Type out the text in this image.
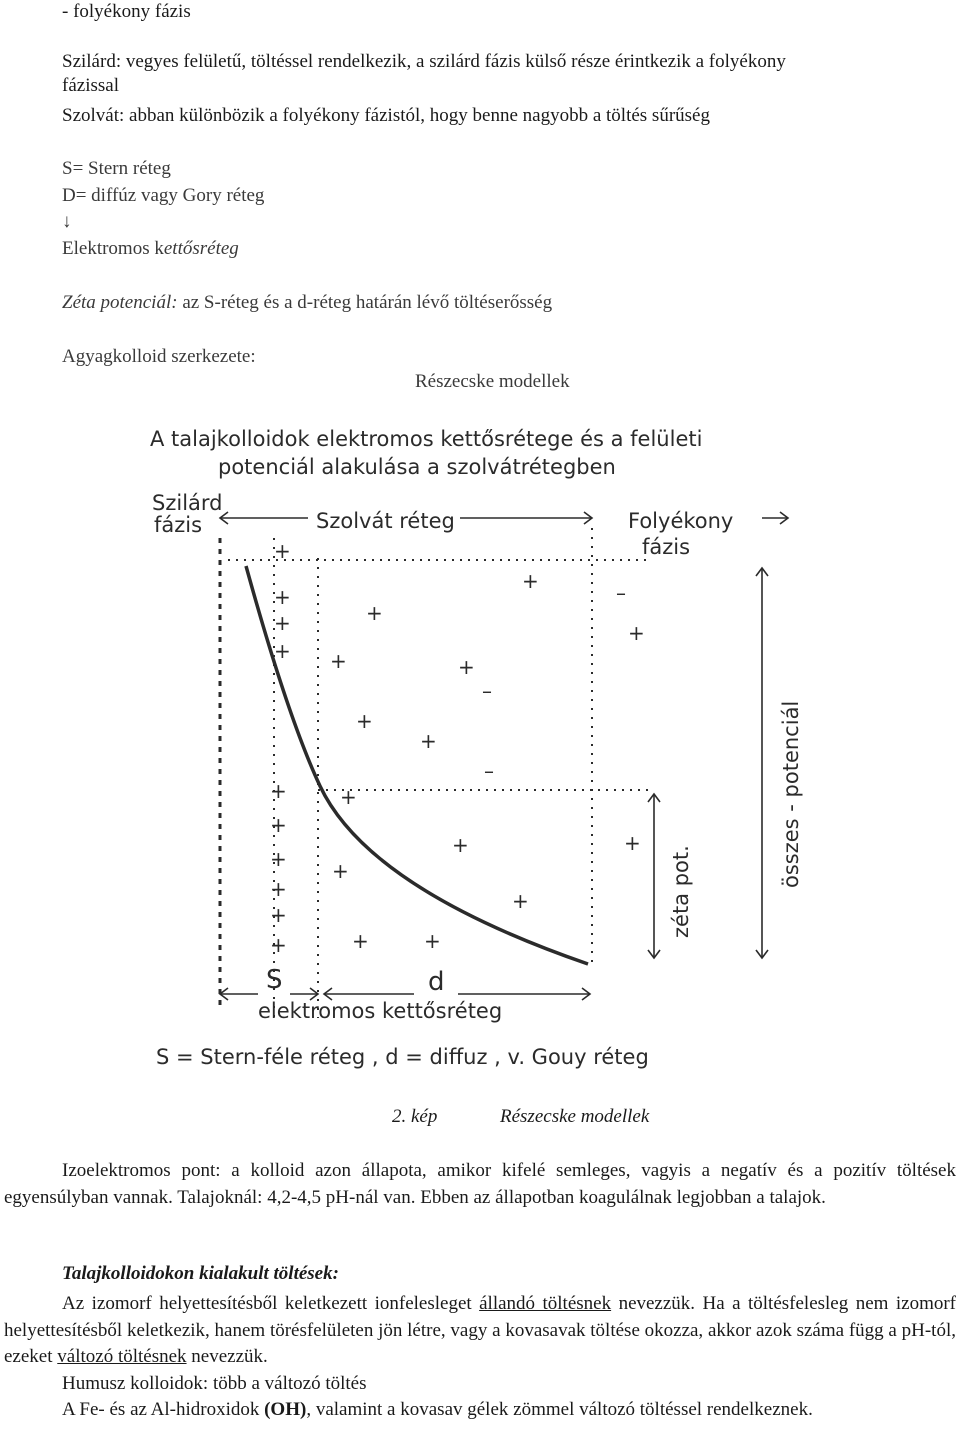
- folyékony fázis
Szilárd: vegyes felületű, töltéssel rendelkezik, a szilárd fázis külső része érintkezik a folyékony
fázissal
Szolvát: abban különbözik a folyékony fázistól, hogy benne nagyobb a töltés sűrűség
S= Stern réteg
D= diffúz vagy Gory réteg
↓
Elektromos kettősréteg
Zéta potenciál: az S-réteg és a d-réteg határán lévő töltéserősség
Agyagkolloid szerkezete:
Részecske modellek
A talajkolloidok elektromos kettősrétege és a felületi
potenciál alakulása a szolvátrétegben
Szilárd
fázis	Szolvát réteg	Folyékony
fázis
összes - potenciál
zéta pot.
+
+
+
+
+
+	+
–
+
+
+
–
–
+
+
+
+
+
+
+
+
+
+
+
+	+
+
S	d
elektromos kettősréteg
S = Stern-féle réteg , d = diffuz , v. Gouy réteg
2. kép	Részecske modellek
Izoelektromos pont: a kolloid azon állapota, amikor kifelé semleges, vagyis a negatív és a pozitív töltések egyensúlyban vannak. Talajoknál: 4,2-4,5 pH-nál van. Ebben az állapotban koagulálnak legjobban a talajok.
Talajkolloidokon kialakult töltések:
Az izomorf helyettesítésből keletkezett ionfelesleget állandó töltésnek nevezzük. Ha a töltésfelesleg nem izomorf helyettesítésből keletkezik, hanem törésfelületen jön létre, vagy a kovasavak töltése okozza, akkor azok száma függ a pH-tól, ezeket változó töltésnek nevezzük.
Humusz kolloidok: több a változó töltés
A Fe- és az Al-hidroxidok (OH), valamint a kovasav gélek zömmel változó töltéssel rendelkeznek.
